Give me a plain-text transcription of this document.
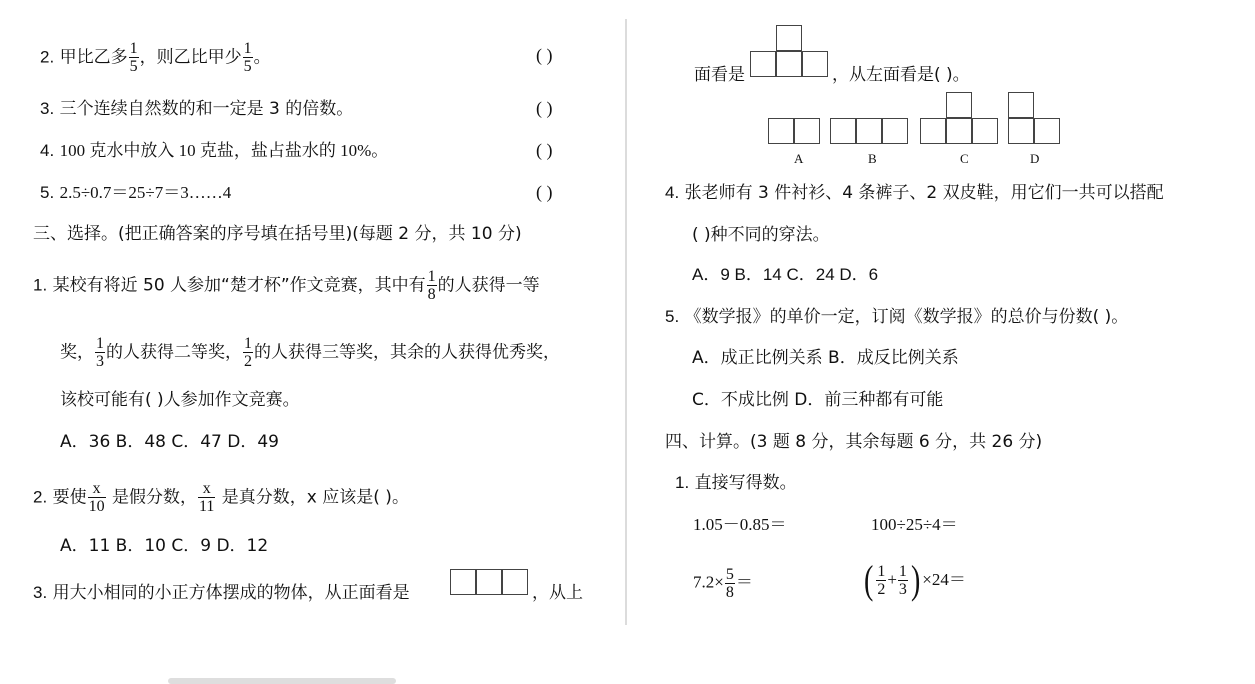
2. 甲比乙多 $\frac{1}{5}$ ，则乙比甲少 $\frac{1}{5}$ 。	( )
3. 三个连续自然数的和一定是 3 的倍数。	( )
4. 100 克水中放入 10 克盐，盐占盐水的 10%。	( )
5. 2.5÷0.7＝25÷7＝3……4	( )
三、选择。(把正确答案的序号填在括号里)(每题 2 分，共 10 分)
1. 某校有将近 50 人参加“楚才杯”作文竞赛，其中有 $\frac{1}{8}$ 的人获得一等
奖， $\frac{1}{3}$ 的人获得二等奖， $\frac{1}{2}$ 的人获得三等奖，其余的人获得优秀奖，
该校可能有( )人参加作文竞赛。
A．36 B．48 C．47 D．49
2. 要使 $\frac{x}{10}$ 是假分数， $\frac{x}{11}$ 是真分数，x 应该是( )。
A．11 B．10 C．9 D．12
3. 用大小相同的小正方体摆成的物体，从正面看是	，从上
面看是	，从左面看是( )。
A	B	C	D
4. 张老师有 3 件衬衫、4 条裤子、2 双皮鞋，用它们一共可以搭配
( )种不同的穿法。
A．9 B．14 C．24 D．6
5. 《数学报》的单价一定，订阅《数学报》的总价与份数( )。
A．成正比例关系 B．成反比例关系
C．不成比例 D．前三种都有可能
四、计算。(3 题 8 分，其余每题 6 分，共 26 分)
1. 直接写得数。
1.05－0.85＝	100÷25÷4＝
$7.2\times \frac{5}{8}$ ＝	( $\frac{1}{2} + \frac{1}{3}$ ) ×24＝
